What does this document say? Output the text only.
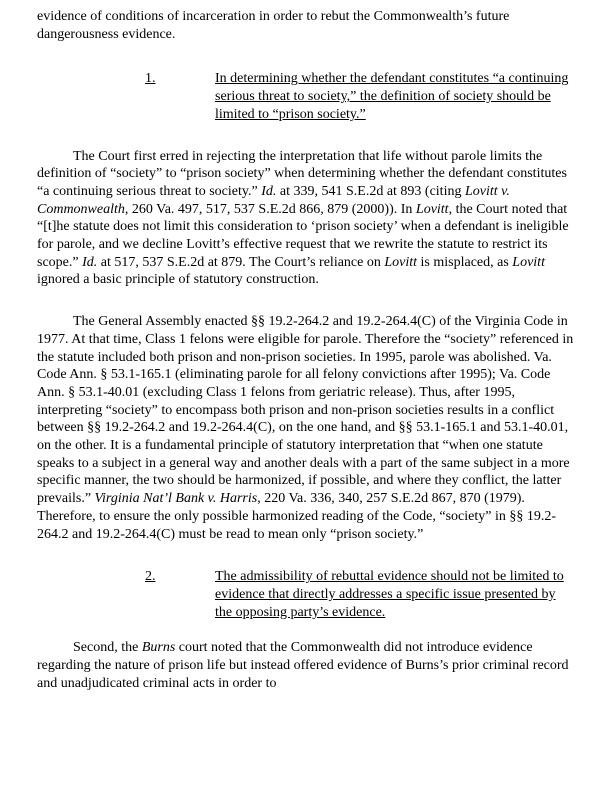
evidence of conditions of incarceration in order to rebut the Commonwealth’s future dangerousness evidence.

1.	In determining whether the defendant constitutes “a continuing serious threat to society,” the definition of society should be limited to “prison society.”

The Court first erred in rejecting the interpretation that life without parole limits the definition of “society” to “prison society” when determining whether the defendant constitutes “a continuing serious threat to society.” Id. at 339, 541 S.E.2d at 893 (citing Lovitt v. Commonwealth, 260 Va. 497, 517, 537 S.E.2d 866, 879 (2000)). In Lovitt, the Court noted that “[t]he statute does not limit this consideration to ‘prison society’ when a defendant is ineligible for parole, and we decline Lovitt’s effective request that we rewrite the statute to restrict its scope.” Id. at 517, 537 S.E.2d at 879. The Court’s reliance on Lovitt is misplaced, as Lovitt ignored a basic principle of statutory construction.

The General Assembly enacted §§ 19.2-264.2 and 19.2-264.4(C) of the Virginia Code in 1977. At that time, Class 1 felons were eligible for parole. Therefore the “society” referenced in the statute included both prison and non-prison societies. In 1995, parole was abolished. Va. Code Ann. § 53.1-165.1 (eliminating parole for all felony convictions after 1995); Va. Code Ann. § 53.1-40.01 (excluding Class 1 felons from geriatric release). Thus, after 1995, interpreting “society” to encompass both prison and non-prison societies results in a conflict between §§ 19.2-264.2 and 19.2-264.4(C), on the one hand, and §§ 53.1-165.1 and 53.1-40.01, on the other. It is a fundamental principle of statutory interpretation that “when one statute speaks to a subject in a general way and another deals with a part of the same subject in a more specific manner, the two should be harmonized, if possible, and where they conflict, the latter prevails.” Virginia Nat’l Bank v. Harris, 220 Va. 336, 340, 257 S.E.2d 867, 870 (1979). Therefore, to ensure the only possible harmonized reading of the Code, “society” in §§ 19.2-264.2 and 19.2-264.4(C) must be read to mean only “prison society.”

2.	The admissibility of rebuttal evidence should not be limited to evidence that directly addresses a specific issue presented by the opposing party’s evidence.

Second, the Burns court noted that the Commonwealth did not introduce evidence regarding the nature of prison life but instead offered evidence of Burns’s prior criminal record and unadjudicated criminal acts in order to
